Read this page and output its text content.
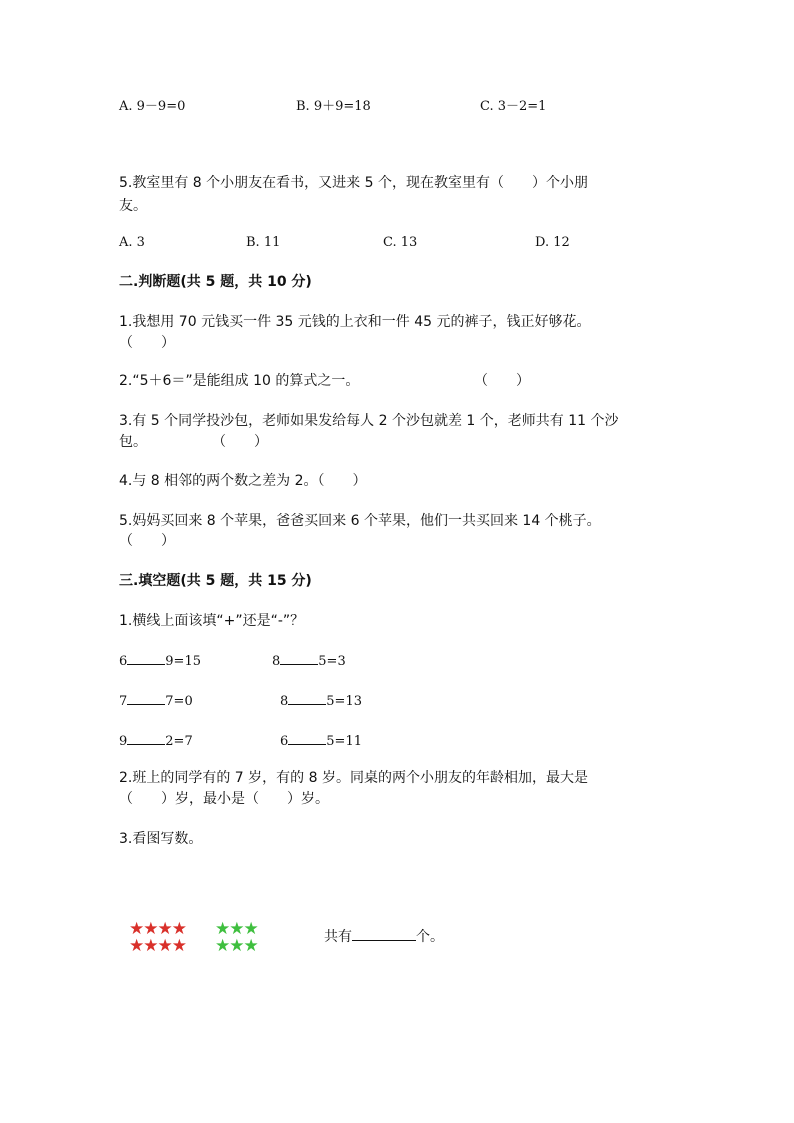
A. 9－9=0	B. 9＋9=18	C. 3－2=1
5.教室里有 8 个小朋友在看书，又进来 5 个，现在教室里有（　　）个小朋
友。
A. 3	B. 11	C. 13	D. 12
二.判断题(共 5 题，共 10 分)
1.我想用 70 元钱买一件 35 元钱的上衣和一件 45 元的裤子，钱正好够花。
（　　）
2.“5＋6＝”是能组成 10 的算式之一。	（　　）
3.有 5 个同学投沙包，老师如果发给每人 2 个沙包就差 1 个，老师共有 11 个沙
包。	（　　）
4.与 8 相邻的两个数之差为 2。（　　）
5.妈妈买回来 8 个苹果，爸爸买回来 6 个苹果，他们一共买回来 14 个桃子。
（　　）
三.填空题(共 5 题，共 15 分)
1.横线上面该填“+”还是“-”？
6	9=15	8	5=3
7	7=0	8	5=13
9	2=7	6	5=11
2.班上的同学有的 7 岁，有的 8 岁。同桌的两个小朋友的年龄相加，最大是
（　　）岁，最小是（　　）岁。
3.看图写数。
★★★★
★★★★
★★★
★★★	共有	个。
